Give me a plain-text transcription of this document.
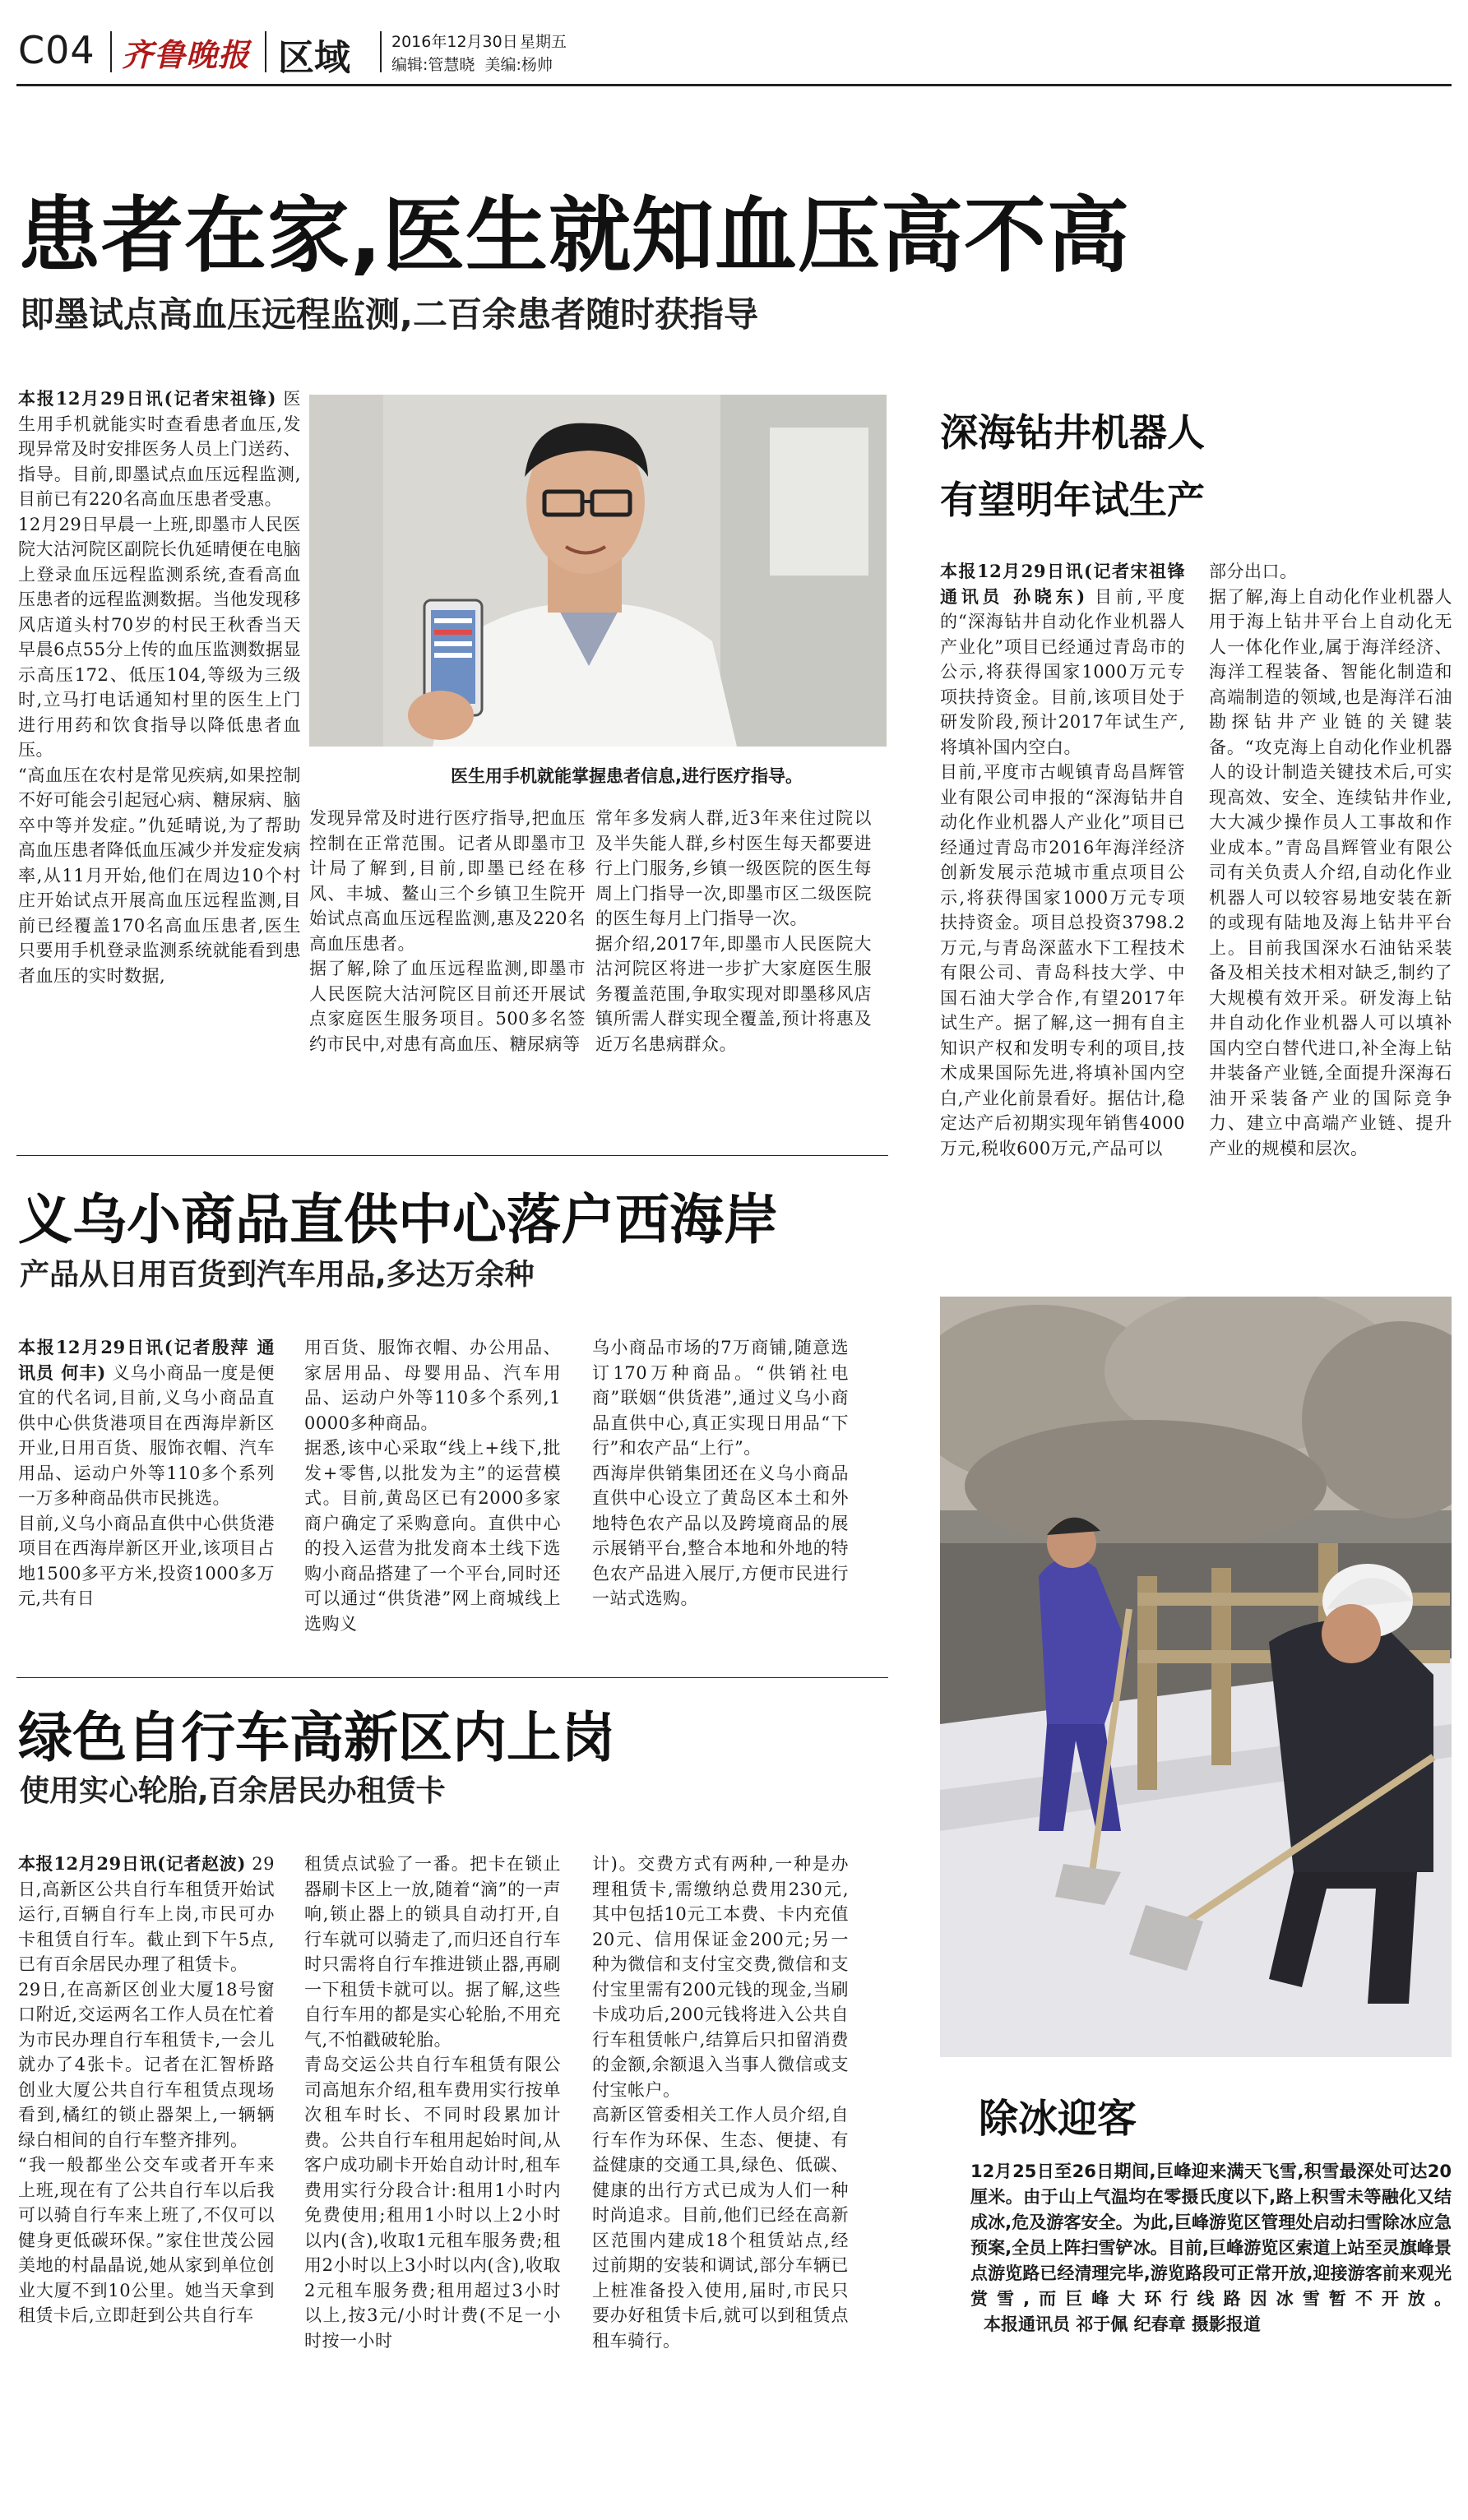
C04 齐鲁晚报 区域	2016年12月30日 星期五
编辑:管慧晓  美编:杨帅
患者在家,医生就知血压高不高
即墨试点高血压远程监测,二百余患者随时获指导
本报12月29日讯(记者宋祖锋) 医生用手机就能实时查看患者血压,发现异常及时安排医务人员上门送药、指导。目前,即墨试点血压远程监测,目前已有220名高血压患者受惠。
12月29日早晨一上班,即墨市人民医院大沽河院区副院长仇延晴便在电脑上登录血压远程监测系统,查看高血压患者的远程监测数据。当他发现移风店道头村70岁的村民王秋香当天早晨6点55分上传的血压监测数据显示高压172、低压104,等级为三级时,立马打电话通知村里的医生上门进行用药和饮食指导以降低患者血压。
“高血压在农村是常见疾病,如果控制不好可能会引起冠心病、糖尿病、脑卒中等并发症。”仇延晴说,为了帮助高血压患者降低血压减少并发症发病率,从11月开始,他们在周边10个村庄开始试点开展高血压远程监测,目前已经覆盖170名高血压患者,医生只要用手机登录监测系统就能看到患者血压的实时数据,
医生用手机就能掌握患者信息,进行医疗指导。
发现异常及时进行医疗指导,把血压控制在正常范围。记者从即墨市卫计局了解到,目前,即墨已经在移风、丰城、鳌山三个乡镇卫生院开始试点高血压远程监测,惠及220名高血压患者。
据了解,除了血压远程监测,即墨市人民医院大沽河院区目前还开展试点家庭医生服务项目。500多名签约市民中,对患有高血压、糖尿病等
常年多发病人群,近3年来住过院以及半失能人群,乡村医生每天都要进行上门服务,乡镇一级医院的医生每周上门指导一次,即墨市区二级医院的医生每月上门指导一次。
据介绍,2017年,即墨市人民医院大沽河院区将进一步扩大家庭医生服务覆盖范围,争取实现对即墨移风店镇所需人群实现全覆盖,预计将惠及近万名患病群众。
深海钻井机器人
有望明年试生产
本报12月29日讯(记者宋祖锋 通讯员 孙晓东) 目前,平度的“深海钻井自动化作业机器人产业化”项目已经通过青岛市的公示,将获得国家1000万元专项扶持资金。目前,该项目处于研发阶段,预计2017年试生产,将填补国内空白。
目前,平度市古岘镇青岛昌辉管业有限公司申报的“深海钻井自动化作业机器人产业化”项目已经通过青岛市2016年海洋经济创新发展示范城市重点项目公示,将获得国家1000万元专项扶持资金。项目总投资3798.2万元,与青岛深蓝水下工程技术有限公司、青岛科技大学、中国石油大学合作,有望2017年试生产。据了解,这一拥有自主知识产权和发明专利的项目,技术成果国际先进,将填补国内空白,产业化前景看好。据估计,稳定达产后初期实现年销售4000万元,税收600万元,产品可以
部分出口。
据了解,海上自动化作业机器人用于海上钻井平台上自动化无人一体化作业,属于海洋经济、海洋工程装备、智能化制造和高端制造的领域,也是海洋石油勘探钻井产业链的关键装备。“攻克海上自动化作业机器人的设计制造关键技术后,可实现高效、安全、连续钻井作业,大大减少操作员人工事故和作业成本。”青岛昌辉管业有限公司有关负责人介绍,自动化作业机器人可以较容易地安装在新的或现有陆地及海上钻井平台上。目前我国深水石油钻采装备及相关技术相对缺乏,制约了大规模有效开采。研发海上钻井自动化作业机器人可以填补国内空白替代进口,补全海上钻井装备产业链,全面提升深海石油开采装备产业的国际竞争力、建立中高端产业链、提升产业的规模和层次。
义乌小商品直供中心落户西海岸
产品从日用百货到汽车用品,多达万余种
本报12月29日讯(记者殷萍 通讯员 何丰) 义乌小商品一度是便宜的代名词,目前,义乌小商品直供中心供货港项目在西海岸新区开业,日用百货、服饰衣帽、汽车用品、运动户外等110多个系列一万多种商品供市民挑选。
目前,义乌小商品直供中心供货港项目在西海岸新区开业,该项目占地1500多平方米,投资1000多万元,共有日
用百货、服饰衣帽、办公用品、家居用品、母婴用品、汽车用品、运动户外等110多个系列,10000多种商品。
据悉,该中心采取“线上+线下,批发+零售,以批发为主”的运营模式。目前,黄岛区已有2000多家商户确定了采购意向。直供中心的投入运营为批发商本土线下选购小商品搭建了一个平台,同时还可以通过“供货港”网上商城线上选购义
乌小商品市场的7万商铺,随意选订170万种商品。“供销社电商”联姻“供货港”,通过义乌小商品直供中心,真正实现日用品“下行”和农产品“上行”。
西海岸供销集团还在义乌小商品直供中心设立了黄岛区本土和外地特色农产品以及跨境商品的展示展销平台,整合本地和外地的特色农产品进入展厅,方便市民进行一站式选购。
绿色自行车高新区内上岗
使用实心轮胎,百余居民办租赁卡
本报12月29日讯(记者赵波) 29日,高新区公共自行车租赁开始试运行,百辆自行车上岗,市民可办卡租赁自行车。截止到下午5点,已有百余居民办理了租赁卡。
29日,在高新区创业大厦18号窗口附近,交运两名工作人员在忙着为市民办理自行车租赁卡,一会儿就办了4张卡。记者在汇智桥路创业大厦公共自行车租赁点现场看到,橘红的锁止器架上,一辆辆绿白相间的自行车整齐排列。
“我一般都坐公交车或者开车来上班,现在有了公共自行车以后我可以骑自行车来上班了,不仅可以健身更低碳环保。”家住世茂公园美地的村晶晶说,她从家到单位创业大厦不到10公里。她当天拿到租赁卡后,立即赶到公共自行车
租赁点试验了一番。把卡在锁止器刷卡区上一放,随着“滴”的一声响,锁止器上的锁具自动打开,自行车就可以骑走了,而归还自行车时只需将自行车推进锁止器,再刷一下租赁卡就可以。据了解,这些自行车用的都是实心轮胎,不用充气,不怕戳破轮胎。
青岛交运公共自行车租赁有限公司高旭东介绍,租车费用实行按单次租车时长、不同时段累加计费。公共自行车租用起始时间,从客户成功刷卡开始自动计时,租车费用实行分段合计:租用1小时内免费使用;租用1小时以上2小时以内(含),收取1元租车服务费;租用2小时以上3小时以内(含),收取2元租车服务费;租用超过3小时以上,按3元/小时计费(不足一小时按一小时
计)。交费方式有两种,一种是办理租赁卡,需缴纳总费用230元,其中包括10元工本费、卡内充值20元、信用保证金200元;另一种为微信和支付宝交费,微信和支付宝里需有200元钱的现金,当刷卡成功后,200元钱将进入公共自行车租赁帐户,结算后只扣留消费的金额,余额退入当事人微信或支付宝帐户。
高新区管委相关工作人员介绍,自行车作为环保、生态、便捷、有益健康的交通工具,绿色、低碳、健康的出行方式已成为人们一种时尚追求。目前,他们已经在高新区范围内建成18个租赁站点,经过前期的安装和调试,部分车辆已上桩准备投入使用,届时,市民只要办好租赁卡后,就可以到租赁点租车骑行。
除冰迎客
12月25日至26日期间,巨峰迎来满天飞雪,积雪最深处可达20厘米。由于山上气温均在零摄氏度以下,路上积雪未等融化又结成冰,危及游客安全。为此,巨峰游览区管理处启动扫雪除冰应急预案,全员上阵扫雪铲冰。目前,巨峰游览区索道上站至灵旗峰景点游览路已经清理完毕,游览路段可正常开放,迎接游客前来观光赏雪,而巨峰大环行线路因冰雪暂不开放。 本报通讯员 祁于佩 纪春章 摄影报道
